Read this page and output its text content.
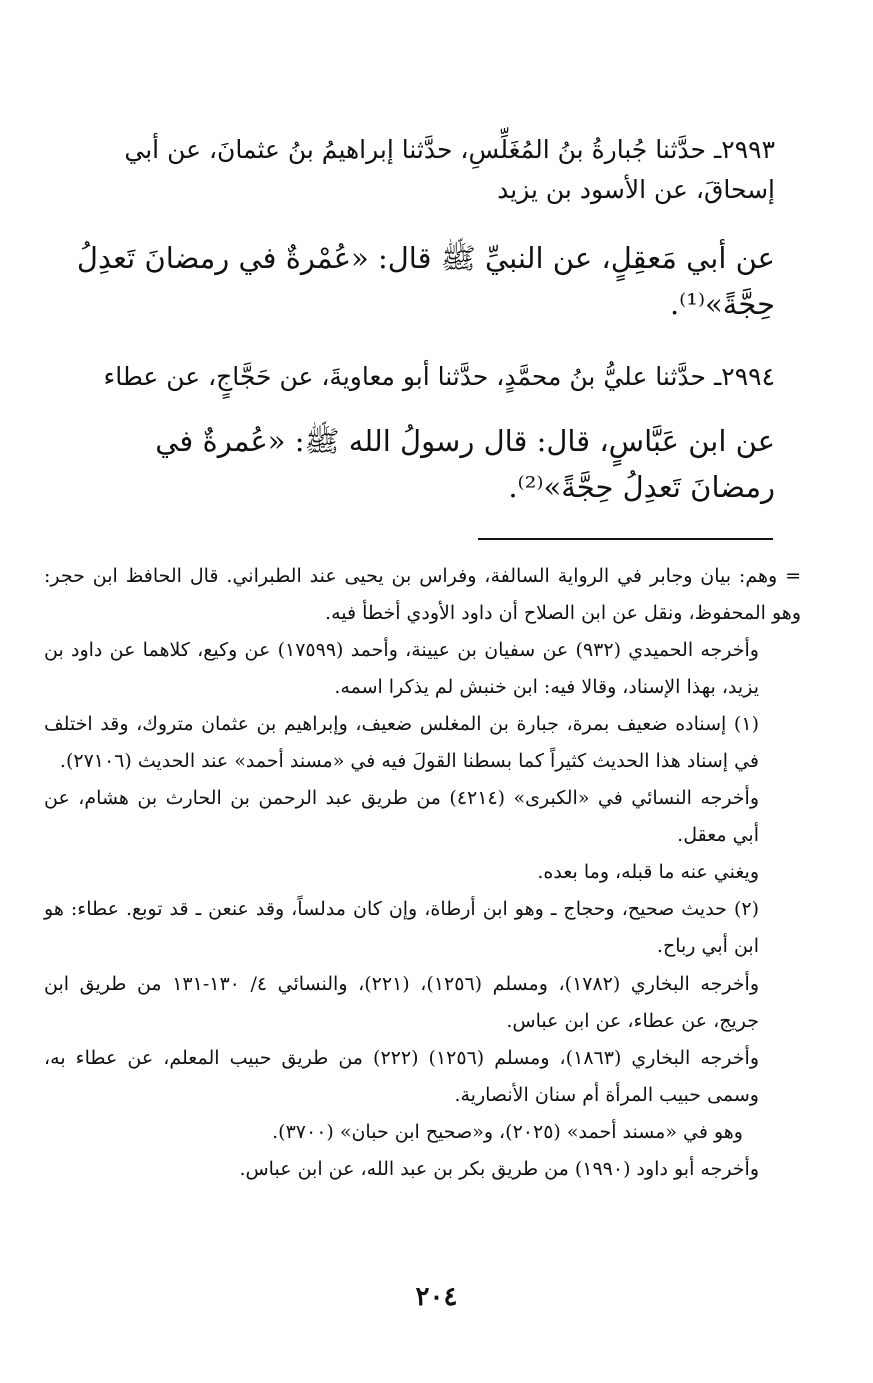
٢٩٩٣ـ حدَّثنا جُبارةُ بنُ المُغَلِّسِ، حدَّثنا إبراهيمُ بنُ عثمانَ، عن أبي إسحاقَ، عن الأسود بن يزيد
عن أبي مَعقِلٍ، عن النبيِّ ﷺ قال: «عُمْرةٌ في رمضانَ تَعدِلُ حِجَّةً»⁽¹⁾.
٢٩٩٤ـ حدَّثنا عليُّ بنُ محمَّدٍ، حدَّثنا أبو معاويةَ، عن حَجَّاجٍ، عن عطاء
عن ابن عَبَّاسٍ، قال: قال رسولُ الله ﷺ: «عُمرةٌ في رمضانَ تَعدِلُ حِجَّةً»⁽²⁾.

= وهم: بيان وجابر في الرواية السالفة، وفراس بن يحيى عند الطبراني. قال الحافظ ابن حجر: وهو المحفوظ، ونقل عن ابن الصلاح أن داود الأودي أخطأ فيه.

وأخرجه الحميدي (٩٣٢) عن سفيان بن عيينة، وأحمد (١٧٥٩٩) عن وكيع، كلاهما عن داود بن يزيد، بهذا الإسناد، وقالا فيه: ابن خنبش لم يذكرا اسمه.

(١) إسناده ضعيف بمرة، جبارة بن المغلس ضعيف، وإبراهيم بن عثمان متروك، وقد اختلف في إسناد هذا الحديث كثيراً كما بسطنا القولَ فيه في «مسند أحمد» عند الحديث (٢٧١٠٦).

وأخرجه النسائي في «الكبرى» (٤٢١٤) من طريق عبد الرحمن بن الحارث بن هشام، عن أبي معقل.

ويغني عنه ما قبله، وما بعده.

(٢) حديث صحيح، وحجاج ـ وهو ابن أرطاة، وإن كان مدلساً، وقد عنعن ـ قد توبع. عطاء: هو ابن أبي رباح.

وأخرجه البخاري (١٧٨٢)، ومسلم (١٢٥٦)، (٢٢١)، والنسائي ٤/ ١٣٠-١٣١ من طريق ابن جريج، عن عطاء، عن ابن عباس.

وأخرجه البخاري (١٨٦٣)، ومسلم (١٢٥٦) (٢٢٢) من طريق حبيب المعلم، عن عطاء به، وسمى حبيب المرأة أم سنان الأنصارية.

وهو في «مسند أحمد» (٢٠٢٥)، و«صحيح ابن حبان» (٣٧٠٠).

وأخرجه أبو داود (١٩٩٠) من طريق بكر بن عبد الله، عن ابن عباس.

٢٠٤
